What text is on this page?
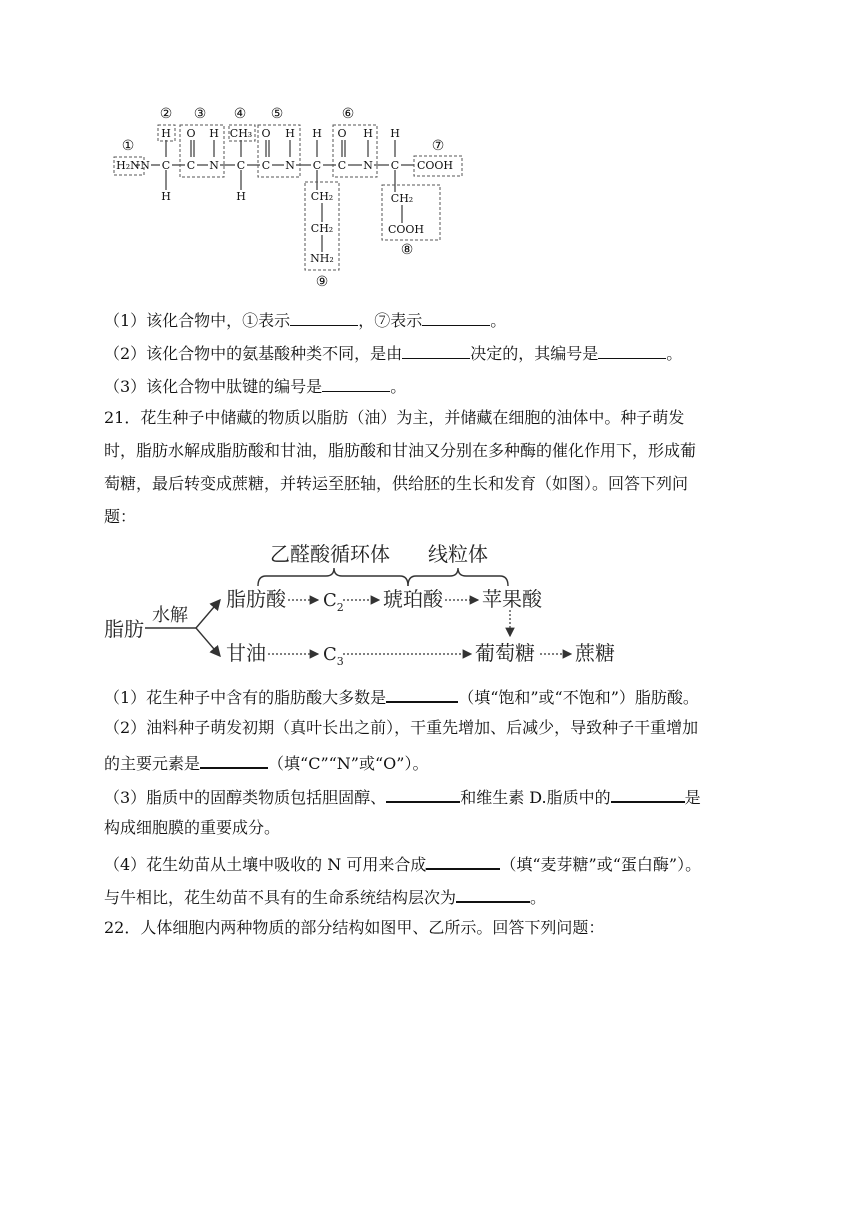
①
② ③ ④ ⑤	⑥
⑦
⑧
⑨
H O H CH₃ O H H O H H
H₂N N C C N C C N C C N C COOH
H	H	CH₂
CH₂
NH₂
CH₂
COOH
（1）该化合物中，①表示	，⑦表示	。
（2）该化合物中的氨基酸种类不同，是由	决定的，其编号是	。
（3）该化合物中肽键的编号是	。
21．花生种子中储藏的物质以脂肪（油）为主，并储藏在细胞的油体中。种子萌发
时，脂肪水解成脂肪酸和甘油，脂肪酸和甘油又分别在多种酶的催化作用下，形成葡
萄糖，最后转变成蔗糖，并转运至胚轴，供给胚的生长和发育（如图）。回答下列问
题：
乙醛酸循环体 线粒体
脂肪
水解
脂肪酸 $C_2$ 琥珀酸 苹果酸
甘油	$C_3$	葡萄糖 蔗糖
（1）花生种子中含有的脂肪酸大多数是	（填“饱和”或“不饱和”）脂肪酸。
（2）油料种子萌发初期（真叶长出之前），干重先增加、后减少，导致种子干重增加
的主要元素是	（填“C”“N”或“O”）。
（3）脂质中的固醇类物质包括胆固醇、	和维生素 D.脂质中的	是
构成细胞膜的重要成分。
（4）花生幼苗从土壤中吸收的 N 可用来合成	（填“麦芽糖”或“蛋白酶”）。
与牛相比，花生幼苗不具有的生命系统结构层次为	。
22．人体细胞内两种物质的部分结构如图甲、乙所示。回答下列问题：
